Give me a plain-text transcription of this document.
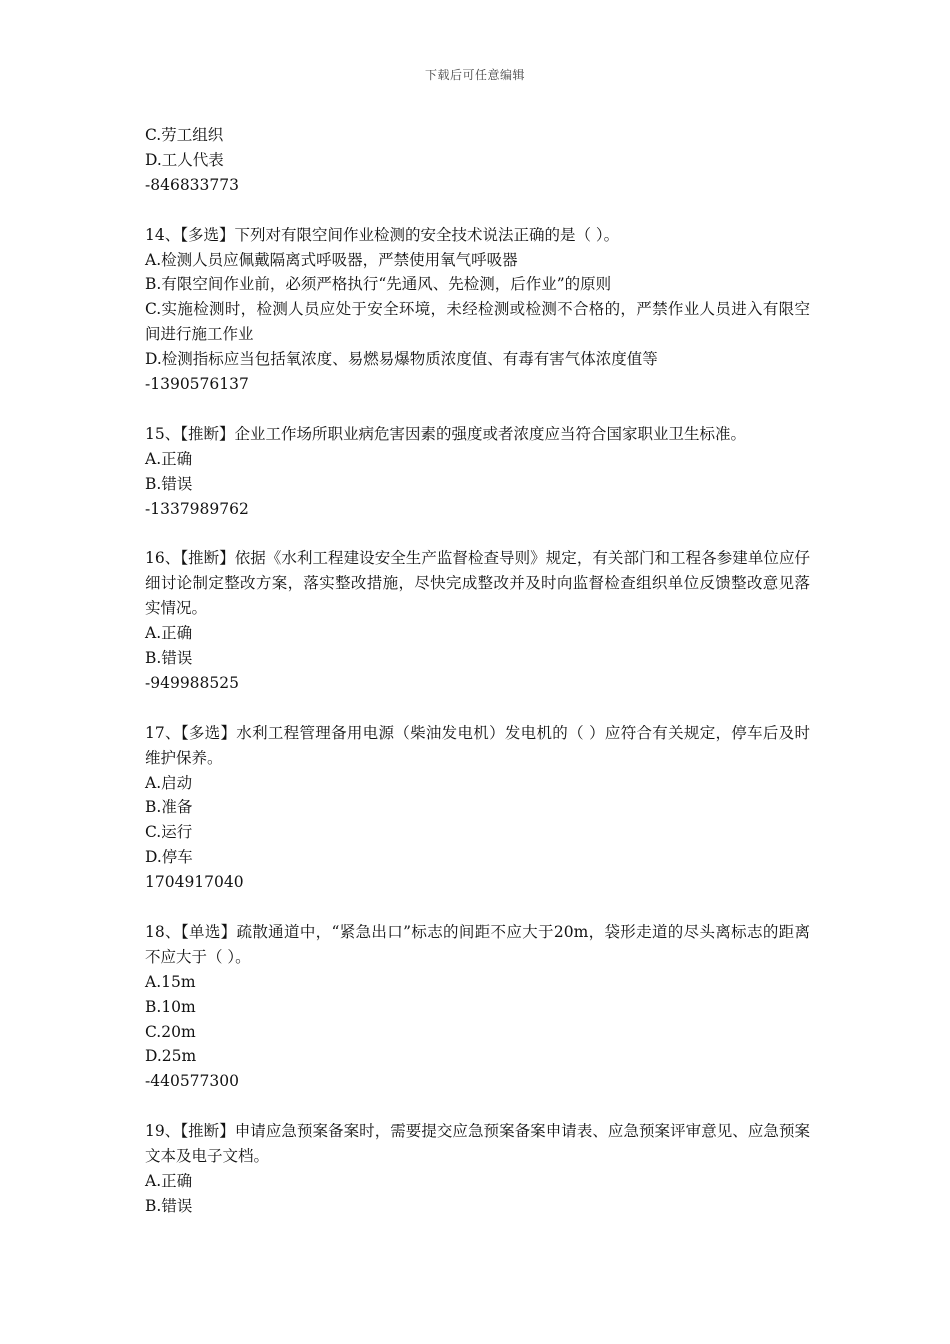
下载后可任意编辑
C.劳工组织
D.工人代表
-846833773
14、【多选】下列对有限空间作业检测的安全技术说法正确的是（ ）。
A.检测人员应佩戴隔离式呼吸器，严禁使用氧气呼吸器
B.有限空间作业前，必须严格执行“先通风、先检测，后作业”的原则
C.实施检测时，检测人员应处于安全环境，未经检测或检测不合格的，严禁作业人员进入有限空间进行施工作业
D.检测指标应当包括氧浓度、易燃易爆物质浓度值、有毒有害气体浓度值等
-1390576137
15、【推断】企业工作场所职业病危害因素的强度或者浓度应当符合国家职业卫生标准。
A.正确
B.错误
-1337989762
16、【推断】依据《水利工程建设安全生产监督检查导则》规定，有关部门和工程各参建单位应仔细讨论制定整改方案，落实整改措施，尽快完成整改并及时向监督检查组织单位反馈整改意见落实情况。
A.正确
B.错误
-949988525
17、【多选】水利工程管理备用电源（柴油发电机）发电机的（ ）应符合有关规定，停车后及时维护保养。
A.启动
B.准备
C.运行
D.停车
1704917040
18、【单选】疏散通道中，“紧急出口”标志的间距不应大于20m，袋形走道的尽头离标志的距离不应大于（ ）。
A.15m
B.10m
C.20m
D.25m
-440577300
19、【推断】申请应急预案备案时，需要提交应急预案备案申请表、应急预案评审意见、应急预案文本及电子文档。
A.正确
B.错误
